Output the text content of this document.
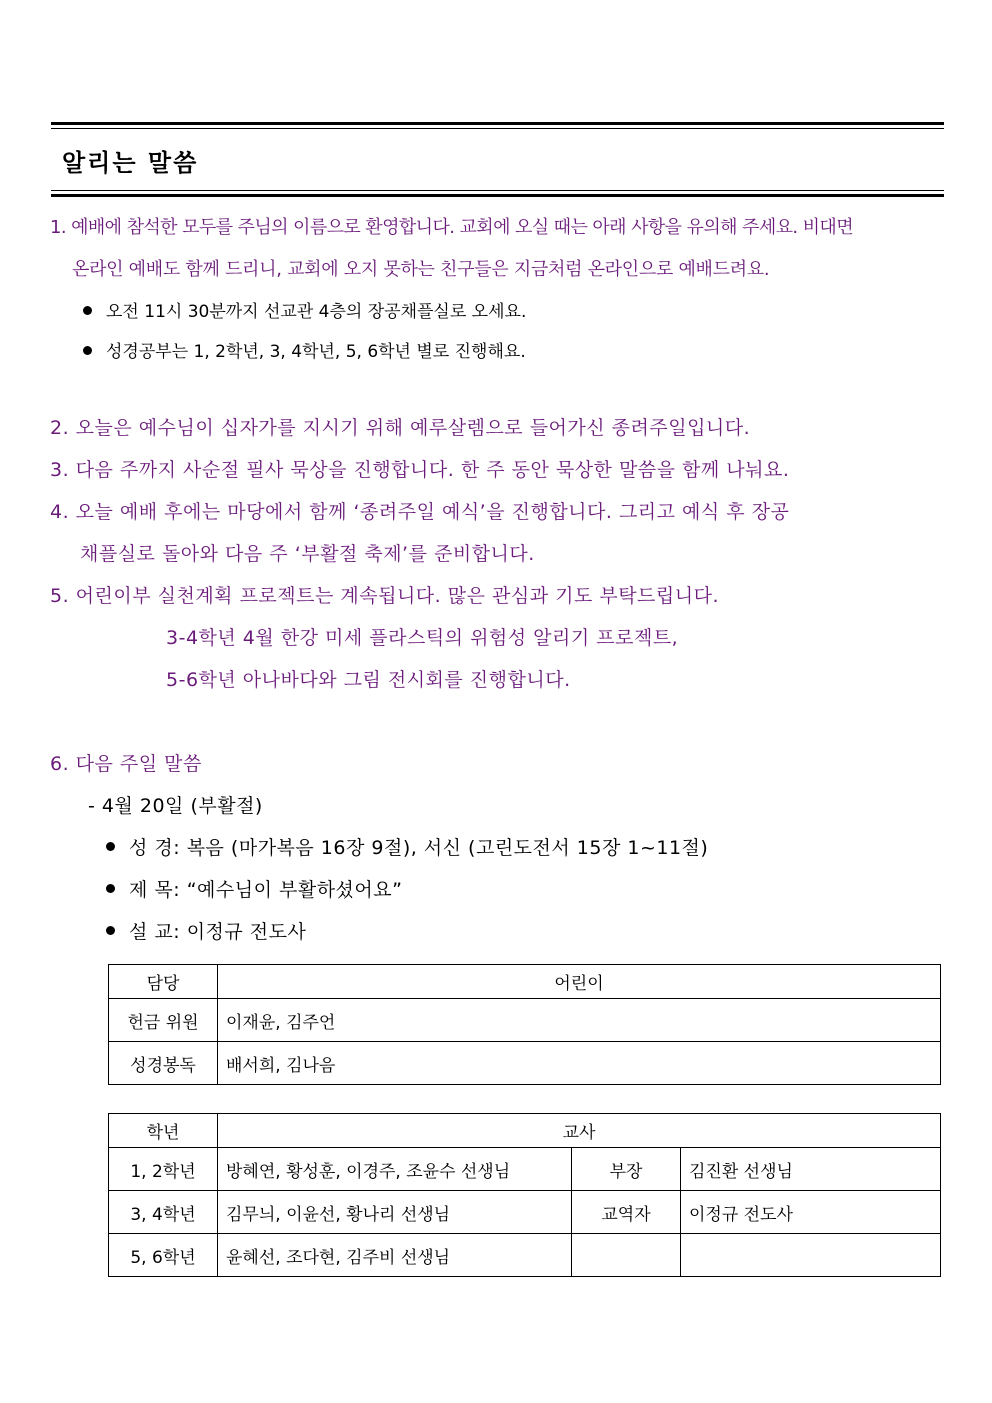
알리는 말씀
1. 예배에 참석한 모두를 주님의 이름으로 환영합니다. 교회에 오실 때는 아래 사항을 유의해 주세요. 비대면
온라인 예배도 함께 드리니, 교회에 오지 못하는 친구들은 지금처럼 온라인으로 예배드려요.
오전 11시 30분까지 선교관 4층의 장공채플실로 오세요.
성경공부는 1, 2학년, 3, 4학년, 5, 6학년 별로 진행해요.
2. 오늘은 예수님이 십자가를 지시기 위해 예루살렘으로 들어가신 종려주일입니다.
3. 다음 주까지 사순절 필사 묵상을 진행합니다. 한 주 동안 묵상한 말씀을 함께 나눠요.
4. 오늘 예배 후에는 마당에서 함께 ‘종려주일 예식’을 진행합니다. 그리고 예식 후 장공
채플실로 돌아와 다음 주 ‘부활절 축제’를 준비합니다.
5. 어린이부 실천계획 프로젝트는 계속됩니다. 많은 관심과 기도 부탁드립니다.
3-4학년 4월 한강 미세 플라스틱의 위험성 알리기 프로젝트,
5-6학년 아나바다와 그림 전시회를 진행합니다.
6. 다음 주일 말씀
- 4월 20일 (부활절)
성 경: 복음 (마가복음 16장 9절), 서신 (고린도전서 15장 1~11절)
제 목: “예수님이 부활하셨어요”
설 교: 이정규 전도사
담당	어린이
헌금 위원	이재윤, 김주언
성경봉독	배서희, 김나음
학년	교사		
1, 2학년	방혜연, 황성훈, 이경주, 조윤수 선생님	부장	김진환 선생님
3, 4학년	김무늬, 이윤선, 황나리 선생님	교역자	이정규 전도사
5, 6학년	윤혜선, 조다현, 김주비 선생님		
